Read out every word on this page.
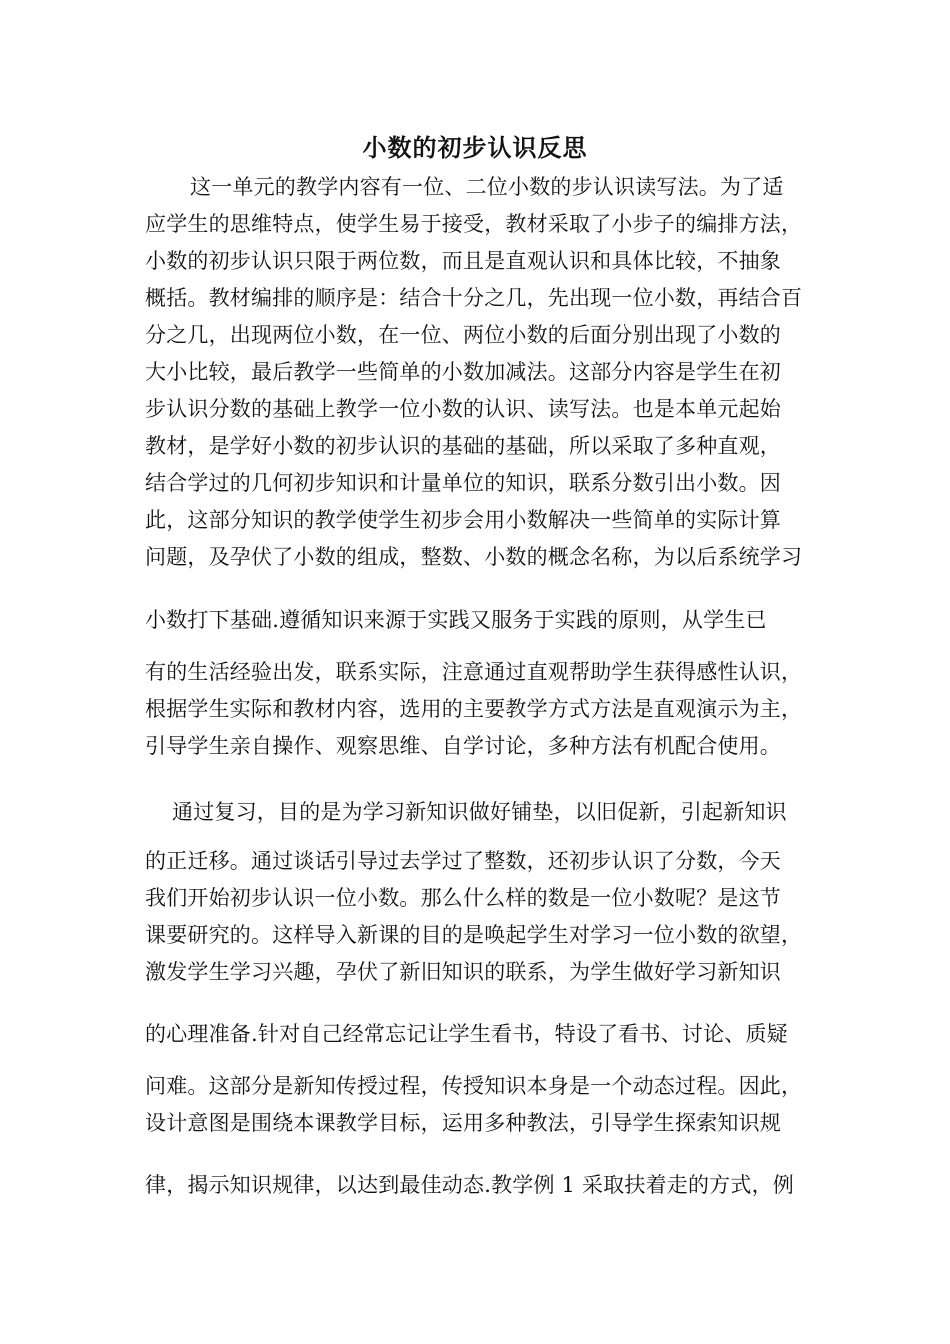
小数的初步认识反思
这一单元的教学内容有一位、二位小数的步认识读写法。为了适
应学生的思维特点，使学生易于接受，教材采取了小步子的编排方法，
小数的初步认识只限于两位数，而且是直观认识和具体比较，不抽象
概括。教材编排的顺序是：结合十分之几，先出现一位小数，再结合百
分之几，出现两位小数，在一位、两位小数的后面分别出现了小数的
大小比较，最后教学一些简单的小数加减法。这部分内容是学生在初
步认识分数的基础上教学一位小数的认识、读写法。也是本单元起始
教材，是学好小数的初步认识的基础的基础，所以采取了多种直观，
结合学过的几何初步知识和计量单位的知识，联系分数引出小数。因
此，这部分知识的教学使学生初步会用小数解决一些简单的实际计算
问题，及孕伏了小数的组成，整数、小数的概念名称，为以后系统学习
小数打下基础.遵循知识来源于实践又服务于实践的原则，从学生已
有的生活经验出发，联系实际，注意通过直观帮助学生获得感性认识，
根据学生实际和教材内容，选用的主要教学方式方法是直观演示为主，
引导学生亲自操作、观察思维、自学讨论，多种方法有机配合使用。
通过复习，目的是为学习新知识做好铺垫，以旧促新，引起新知识
的正迁移。通过谈话引导过去学过了整数，还初步认识了分数，今天
我们开始初步认识一位小数。那么什么样的数是一位小数呢？是这节
课要研究的。这样导入新课的目的是唤起学生对学习一位小数的欲望，
激发学生学习兴趣，孕伏了新旧知识的联系，为学生做好学习新知识
的心理准备.针对自己经常忘记让学生看书，特设了看书、讨论、质疑
问难。这部分是新知传授过程，传授知识本身是一个动态过程。因此，
设计意图是围绕本课教学目标，运用多种教法，引导学生探索知识规
律，揭示知识规律，以达到最佳动态.教学例 1 采取扶着走的方式，例
